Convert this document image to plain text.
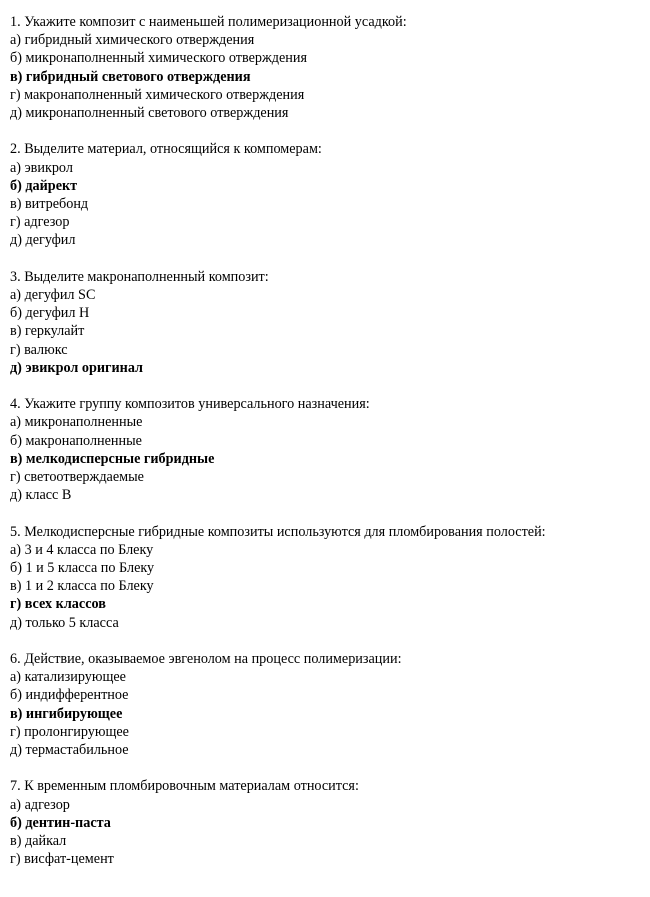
1. Укажите композит с наименьшей полимеризационной усадкой:
а) гибридный химического отверждения
б) микронаполненный химического отверждения
в) гибридный светового отверждения
г) макронаполненный химического отверждения
д) микронаполненный светового отверждения
2. Выделите материал, относящийся к компомерам:
а) эвикрол
б) дайрект
в) витребонд
г) адгезор
д) дегуфил
3. Выделите макронаполненный композит:
а) дегуфил SC
б) дегуфил H
в) геркулайт
г) валюкс
д) эвикрол оригинал
4. Укажите группу композитов универсального назначения:
а) микронаполненные
б) макронаполненные
в) мелкодисперсные гибридные
г) светоотверждаемые
д) класс B
5. Мелкодисперсные гибридные композиты используются для пломбирования полостей:
а) 3 и 4 класса по Блеку
б) 1 и 5 класса по Блеку
в) 1 и 2 класса по Блеку
г) всех классов
д) только 5 класса
6. Действие, оказываемое эвгенолом на процесс полимеризации:
а) катализирующее
б) индифферентное
в) ингибирующее
г) пролонгирующее
д) термастабильное
7. К временным пломбировочным материалам относится:
а) адгезор
б) дентин-паста
в) дайкал
г) висфат-цемент
